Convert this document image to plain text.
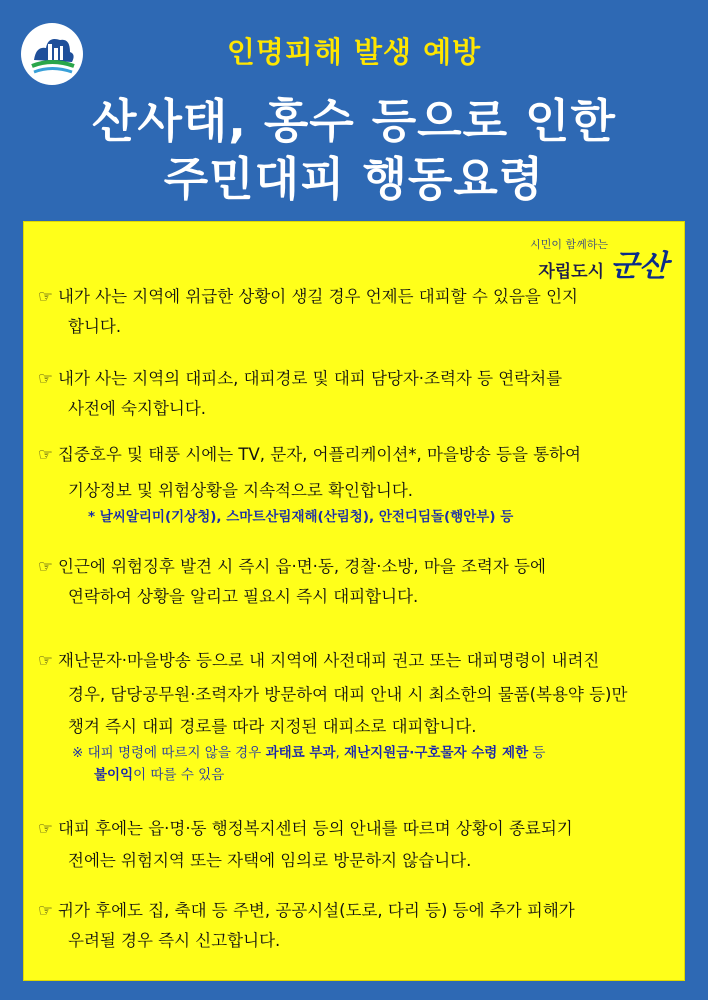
인명피해 발생 예방
산사태, 홍수 등으로 인한
주민대피 행동요령
시민이 함께하는
자립도시 군산
☞ 내가 사는 지역에 위급한 상황이 생길 경우 언제든 대피할 수 있음을 인지
합니다.
☞ 내가 사는 지역의 대피소, 대피경로 및 대피 담당자·조력자 등 연락처를
사전에 숙지합니다.
☞ 집중호우 및 태풍 시에는 TV, 문자, 어플리케이션*, 마을방송 등을 통하여
기상정보 및 위험상황을 지속적으로 확인합니다.
* 날씨알리미(기상청), 스마트산림재해(산림청), 안전디딤돌(행안부) 등
☞ 인근에 위험징후 발견 시 즉시 읍·면·동, 경찰·소방, 마을 조력자 등에
연락하여 상황을 알리고 필요시 즉시 대피합니다.
☞ 재난문자·마을방송 등으로 내 지역에 사전대피 권고 또는 대피명령이 내려진
경우, 담당공무원·조력자가 방문하여 대피 안내 시 최소한의 물품(복용약 등)만
챙겨 즉시 대피 경로를 따라 지정된 대피소로 대피합니다.
※ 대피 명령에 따르지 않을 경우 과태료 부과, 재난지원금·구호물자 수령 제한 등
불이익이 따를 수 있음
☞ 대피 후에는 읍·명·동 행정복지센터 등의 안내를 따르며 상황이 종료되기
전에는 위험지역 또는 자택에 임의로 방문하지 않습니다.
☞ 귀가 후에도 집, 축대 등 주변, 공공시설(도로, 다리 등) 등에 추가 피해가
우려될 경우 즉시 신고합니다.
